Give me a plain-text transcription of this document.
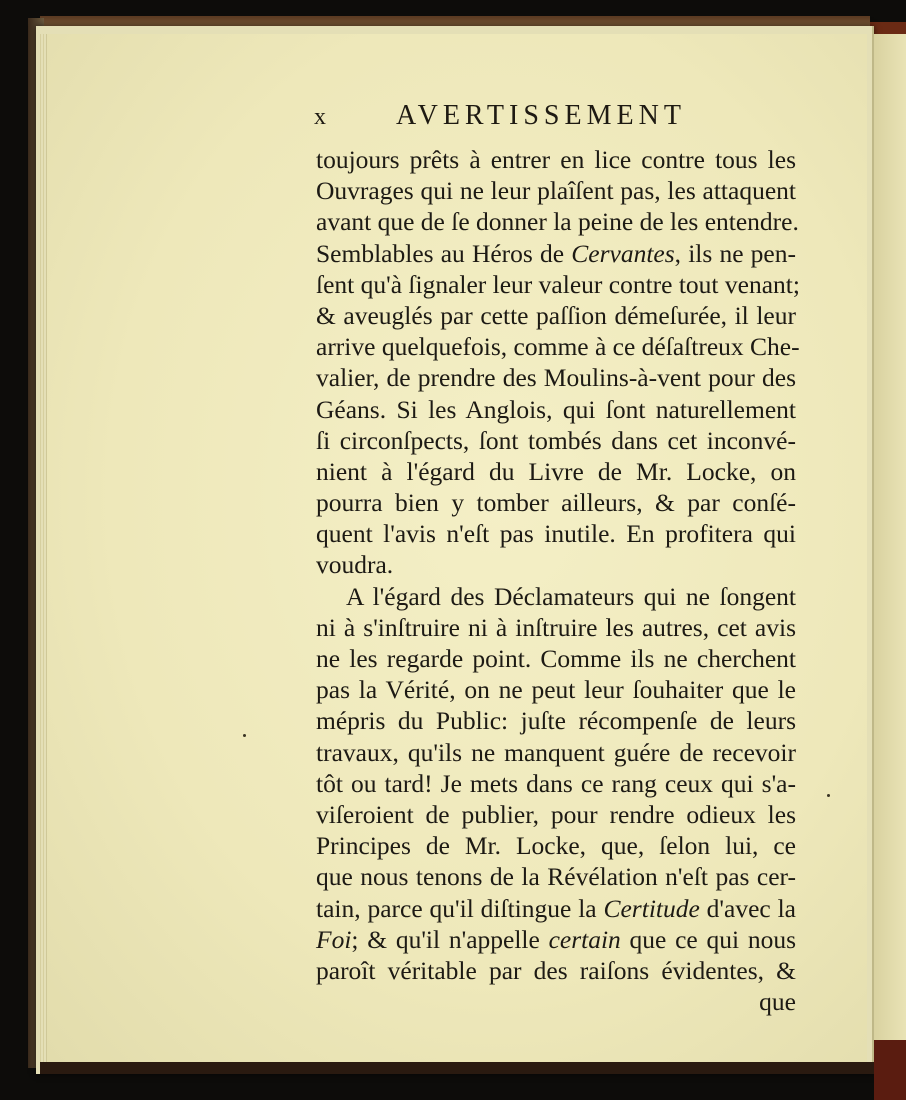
x AVERTISSEMENT
toujours prêts à entrer en lice contre tous les
Ouvrages qui ne leur plaîſent pas, les attaquent
avant que de ſe donner la peine de les entendre.
Semblables au Héros de Cervantes, ils ne pen-
ſent qu'à ſignaler leur valeur contre tout venant;
& aveuglés par cette paſſion démeſurée, il leur
arrive quelquefois, comme à ce déſaſtreux Che-
valier, de prendre des Moulins-à-vent pour des
Géans. Si les Anglois, qui ſont naturellement
ſi circonſpects, ſont tombés dans cet inconvé-
nient à l'égard du Livre de Mr. Locke, on
pourra bien y tomber ailleurs, & par conſé-
quent l'avis n'eſt pas inutile. En profitera qui
voudra.
A l'égard des Déclamateurs qui ne ſongent
ni à s'inſtruire ni à inſtruire les autres, cet avis
ne les regarde point. Comme ils ne cherchent
pas la Vérité, on ne peut leur ſouhaiter que le
mépris du Public: juſte récompenſe de leurs
travaux, qu'ils ne manquent guére de recevoir
tôt ou tard! Je mets dans ce rang ceux qui s'a-
viſeroient de publier, pour rendre odieux les
Principes de Mr. Locke, que, ſelon lui, ce
que nous tenons de la Révélation n'eſt pas cer-
tain, parce qu'il diſtingue la Certitude d'avec la
Foi; & qu'il n'appelle certain que ce qui nous
paroît véritable par des raiſons évidentes, &
que
